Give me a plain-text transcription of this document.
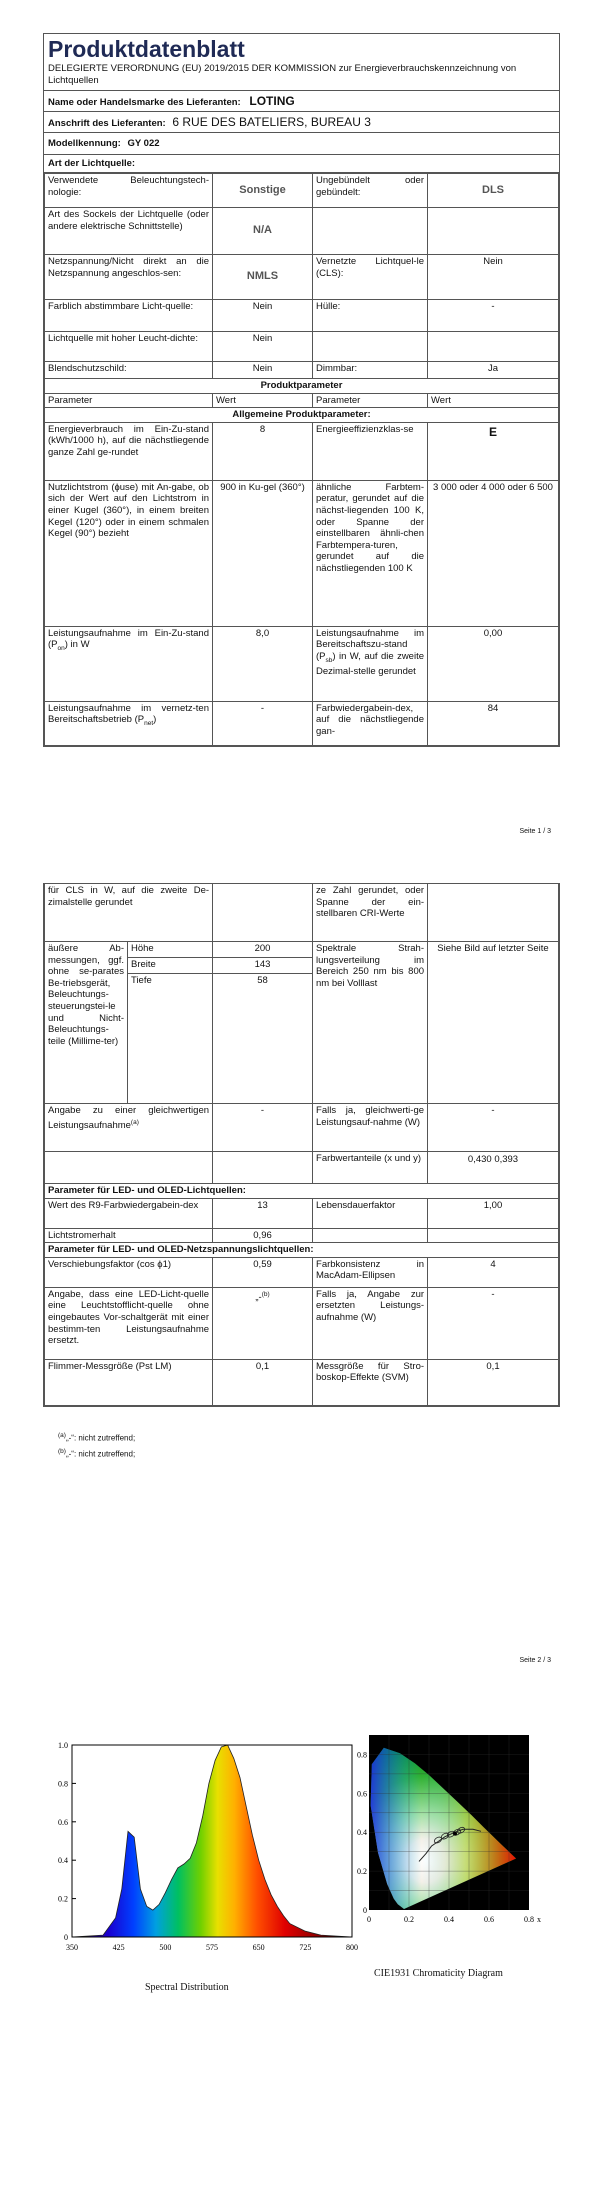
Produktdatenblatt
DELEGIERTE VERORDNUNG (EU) 2019/2015 DER KOMMISSION zur Energieverbrauchskennzeichnung von Lichtquellen
Name oder Handelsmarke des Lieferanten: LOTING
Anschrift des Lieferanten: 6 RUE DES BATELIERS, BUREAU 3
Modellkennung: GY 022
Art der Lichtquelle:
Verwendete Beleuchtungstech-nologie:	Sonstige	Ungebündelt oder gebündelt:	DLS
Art des Sockels der Lichtquelle (oder andere elektrische Schnittstelle)	N/A		
Netzspannung/Nicht direkt an die Netzspannung angeschlos-sen:	NMLS	Vernetzte Lichtquel-le (CLS):	Nein
Farblich abstimmbare Licht-quelle:	Nein	Hülle:	-
Lichtquelle mit hoher Leucht-dichte:	Nein		
Blendschutzschild:	Nein	Dimmbar:	Ja
Produktparameter			
Parameter	Wert	Parameter	Wert
Allgemeine Produktparameter:			
Energieverbrauch im Ein-Zu-stand (kWh/1000 h), auf die nächstliegende ganze Zahl ge-rundet	8	Energieeffizienzklas-se	E
Nutzlichtstrom (ɸuse) mit An-gabe, ob sich der Wert auf den Lichtstrom in einer Kugel (360°), in einem breiten Kegel (120°) oder in einem schmalen Kegel (90°) bezieht	900 in Ku-gel (360°)	ähnliche Farbtem-peratur, gerundet auf die nächst-liegenden 100 K, oder Spanne der einstellbaren ähnli-chen Farbtempera-turen, gerundet auf die nächstliegenden 100 K	3 000 oder 4 000 oder 6 500
Leistungsaufnahme im Ein-Zu-stand $(P_{on})$ in W	8,0	Leistungsaufnahme im Bereitschaftszu-stand $(P_{sb})$ in W, auf die zweite Dezimal-stelle gerundet	0,00
Leistungsaufnahme im vernetz-ten Bereitschaftsbetrieb $(P_{net})$	-	Farbwiedergabein-dex, auf die nächstliegende gan-	84
Seite 1 / 3
für CLS in W, auf die zweite De-zimalstelle gerundet			ze Zahl gerundet, oder Spanne der ein-stellbaren CRI-Werte	
äußere Ab-messungen, ggf. ohne se-parates Be-triebsgerät, Beleuchtungs-steuerungstei-le und Nicht-Beleuchtungs-teile (Millime-ter)	Höhe	200	Spektrale Strah-lungsverteilung im Bereich 250 nm bis 800 nm bei Volllast	Siehe Bild auf letzter Seite
	Breite	143		
	Tiefe	58		
Angabe zu einer gleichwertigen Leistungsaufnahme$^{(a)}$		-	Falls ja, gleichwerti-ge Leistungsauf-nahme (W)	-
			Farbwertanteile (x und y)	0,430 0,393
Parameter für LED- und OLED-Lichtquellen:				
Wert des R9-Farbwiedergabein-dex		13	Lebensdauerfaktor	1,00
Lichtstromerhalt		0,96		
Parameter für LED- und OLED-Netzspannungslichtquellen:				
Verschiebungsfaktor (cos ϕ1)		0,59	Farbkonsistenz in MacAdam-Ellipsen	4
Angabe, dass eine LED-Licht-quelle eine Leuchtstofflicht-quelle ohne eingebautes Vor-schaltgerät mit einer bestimm-ten Leistungsaufnahme ersetzt.		„-$^{(b)}$	Falls ja, Angabe zur ersetzten Leistungs-aufnahme (W)	-
Flimmer-Messgröße (Pst LM)		0,1	Messgröße für Stro-boskop-Effekte (SVM)	0,1
$^{(a)}$„-“: nicht zutreffend;
$^{(b)}$„-“: nicht zutreffend;
Seite 2 / 3
1.0
0.8
0.6
0.4
0.2
0
350	425	500	575	650	725	800
Spectral Distribution
0.8
0.6
0.4
0.2
0
0	0.2	0.4	0.6	0.8 x
CIE1931 Chromaticity Diagram
